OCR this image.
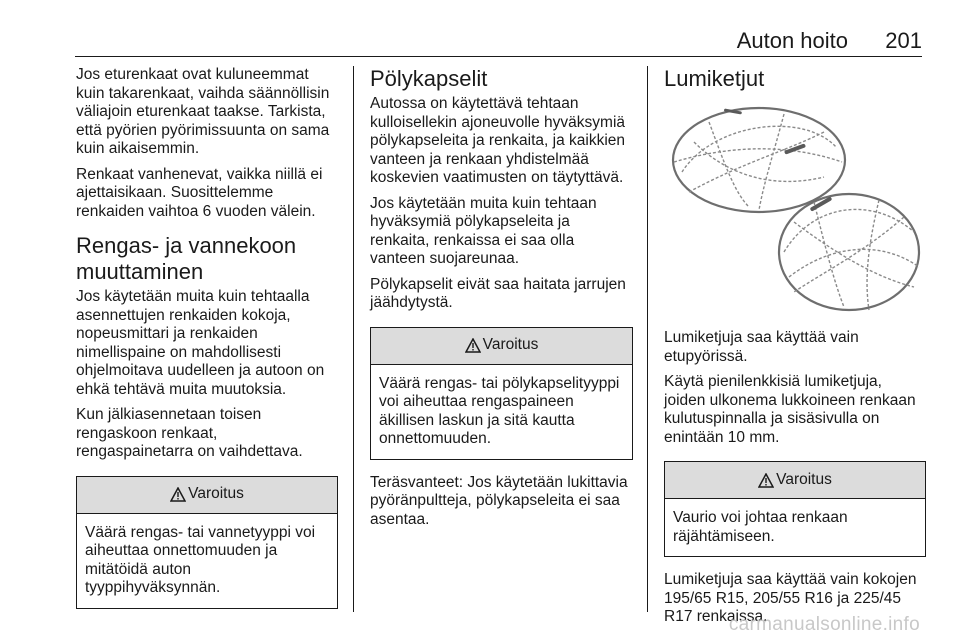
Auton hoito 201

Jos eturenkaat ovat kuluneemmat kuin takarenkaat, vaihda säännöllisin väliajoin eturenkaat taakse. Tarkista, että pyörien pyörimissuunta on sama kuin aikaisemmin.

Renkaat vanhenevat, vaikka niillä ei ajettaisikaan. Suosittelemme renkaiden vaihtoa 6 vuoden välein.

Rengas- ja vannekoon muuttaminen

Jos käytetään muita kuin tehtaalla asennettujen renkaiden kokoja, nopeusmittari ja renkaiden nimellispaine on mahdollisesti ohjelmoitava uudelleen ja autoon on ehkä tehtävä muita muutoksia.

Kun jälkiasennetaan toisen rengaskoon renkaat, rengaspainetarra on vaihdettava.

Varoitus
Väärä rengas- tai vannetyyppi voi aiheuttaa onnettomuuden ja mitätöidä auton tyyppihyväksynnän.
Pölykapselit

Autossa on käytettävä tehtaan kulloisellekin ajoneuvolle hyväksymiä pölykapseleita ja renkaita, ja kaikkien vanteen ja renkaan yhdistelmää koskevien vaatimusten on täytyttävä.

Jos käytetään muita kuin tehtaan hyväksymiä pölykapseleita ja renkaita, renkaissa ei saa olla vanteen suojareunaa.

Pölykapselit eivät saa haitata jarrujen jäähdytystä.

Varoitus
Väärä rengas- tai pölykapselityyppi voi aiheuttaa rengaspaineen äkillisen laskun ja sitä kautta onnettomuuden.

Teräsvanteet: Jos käytetään lukittavia pyöränpultteja, pölykapseleita ei saa asentaa.

Lumiketjut

Lumiketjuja saa käyttää vain etupyörissä.

Käytä pienilenkkisiä lumiketjuja, joiden ulkonema lukkoineen renkaan kulutuspinnalla ja sisäsivulla on enintään 10 mm.

Varoitus
Vaurio voi johtaa renkaan räjähtämiseen.

Lumiketjuja saa käyttää vain kokojen 195/65 R15, 205/55 R16 ja 225/45 R17 renkaissa.

carmanualsonline.info
